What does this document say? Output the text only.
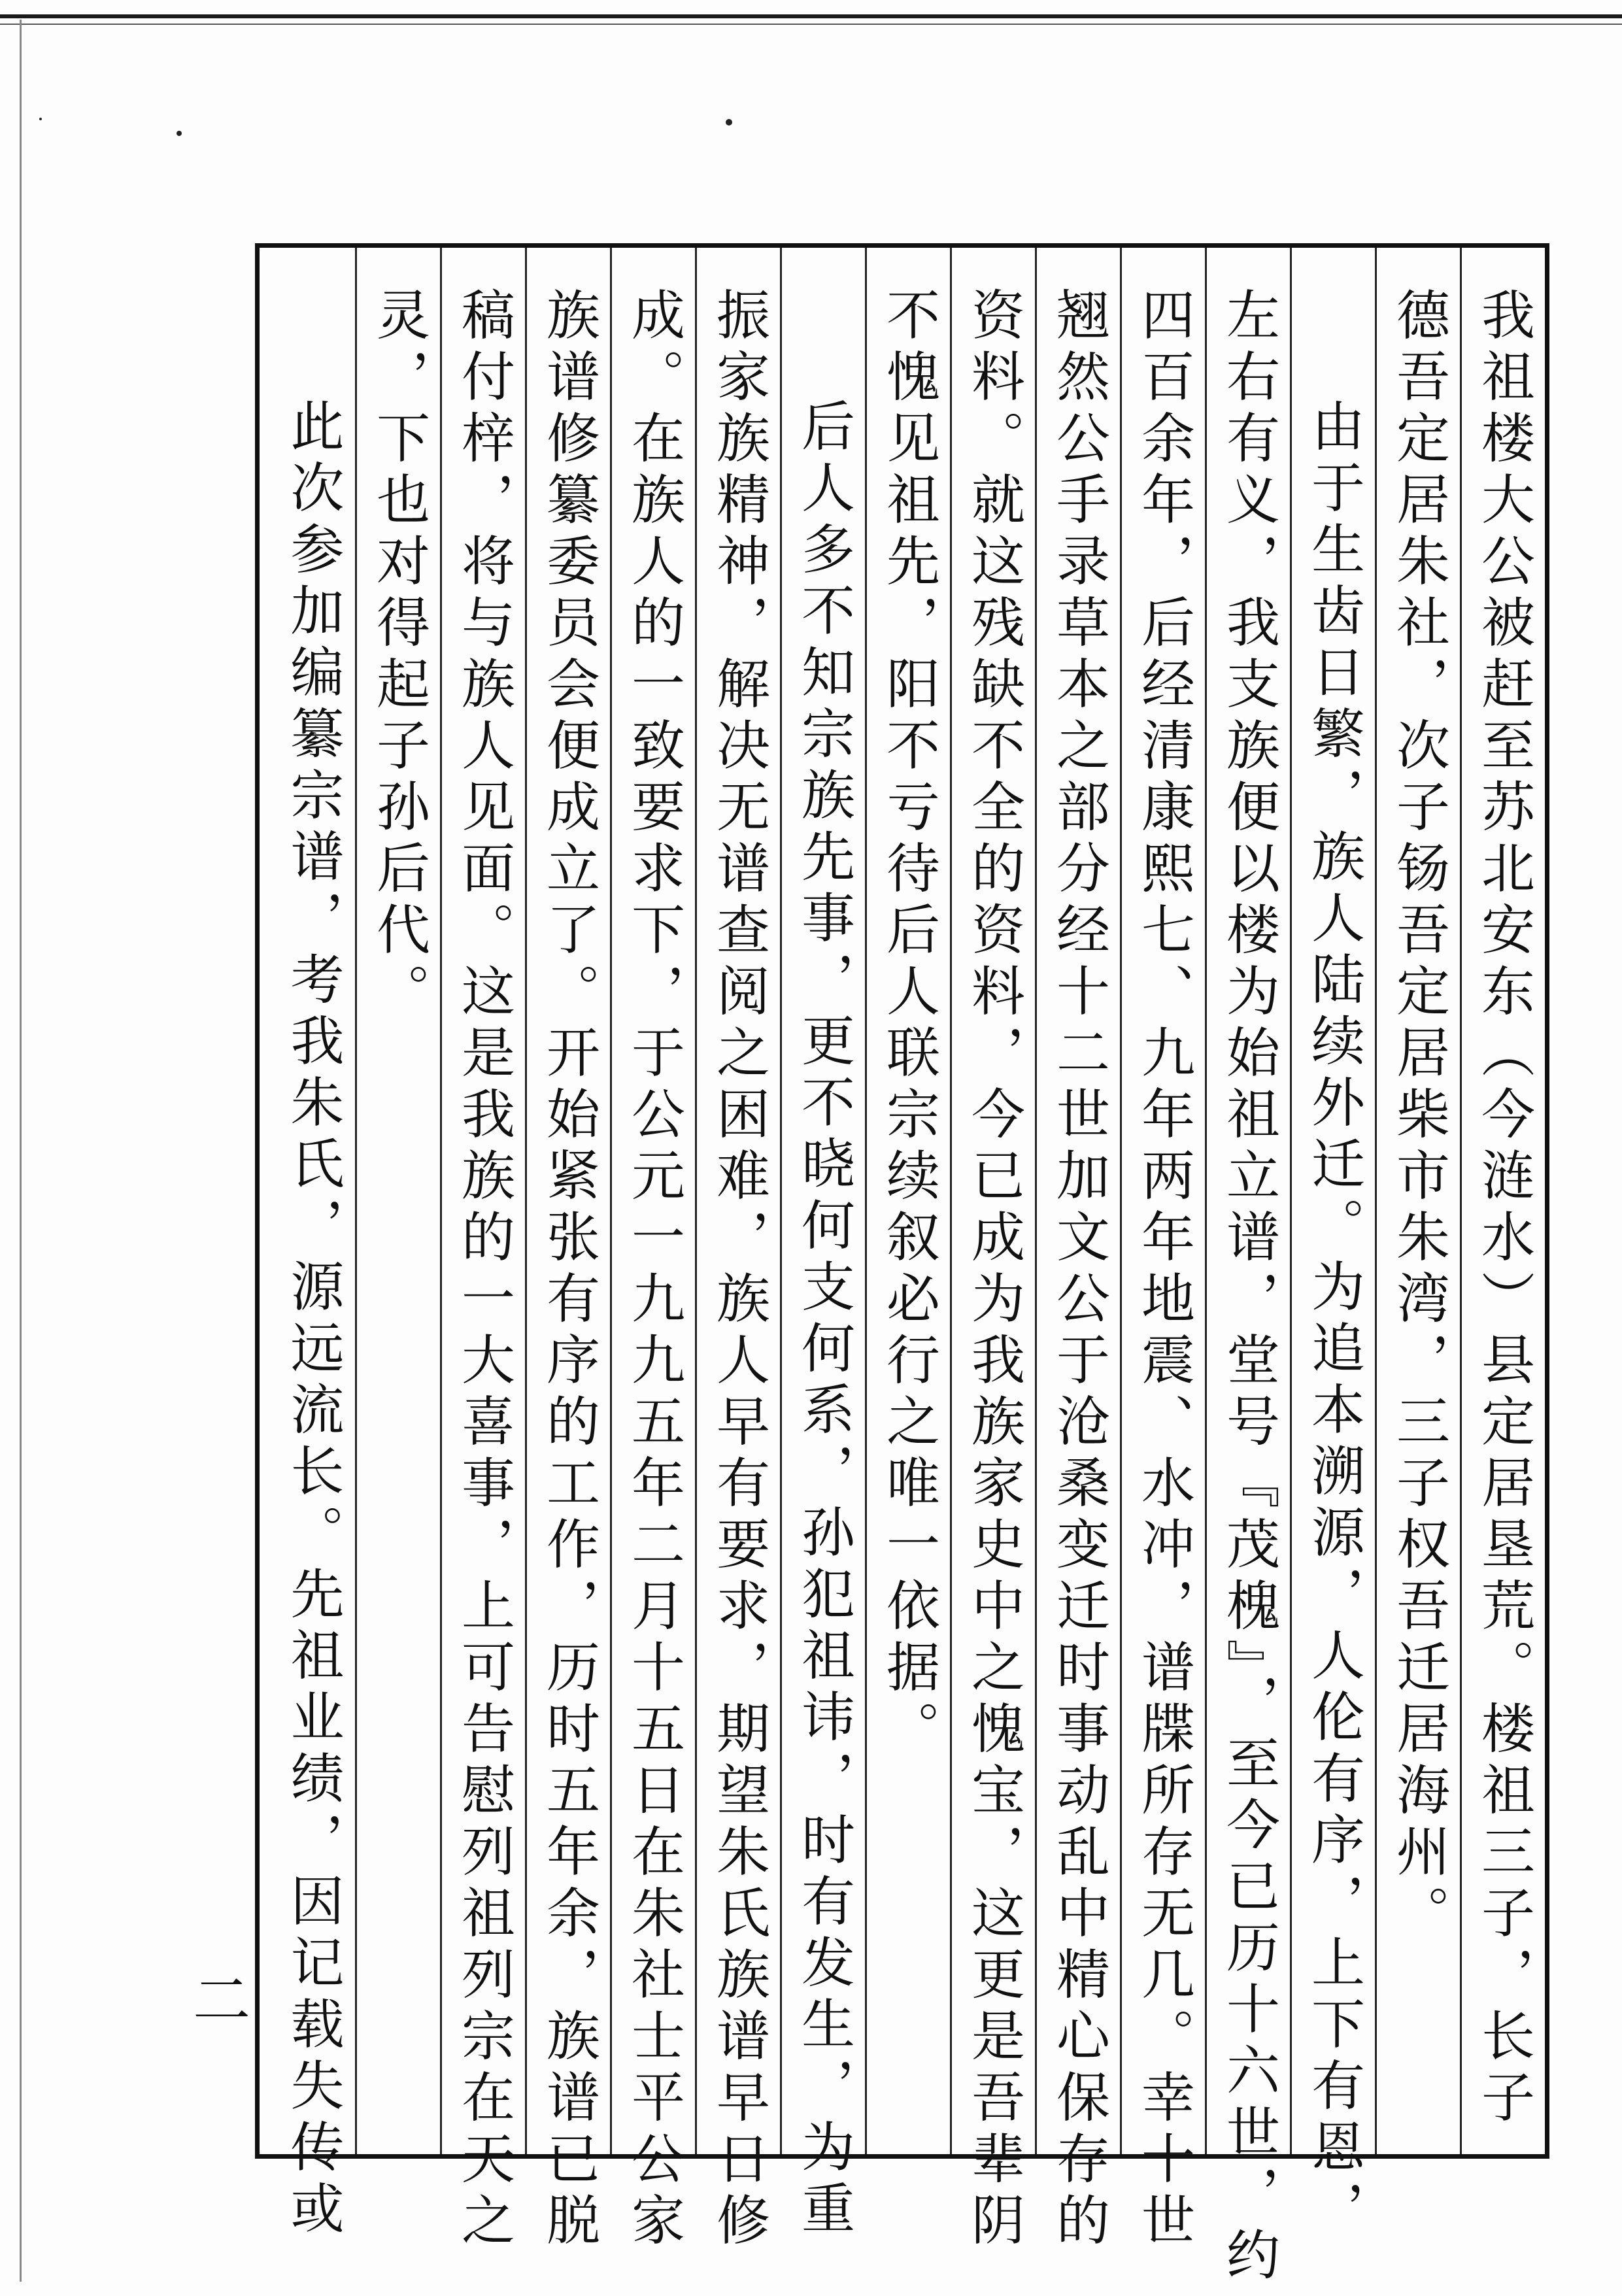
我祖楼大公被赶至苏北安东（今涟水）县定居垦荒。楼祖三子，长子
德吾定居朱社，次子钖吾定居柴市朱湾，三子权吾迁居海州。
由于生齿日繁，族人陆续外迁。为追本溯源，人伦有序，上下有恩，
左右有义，我支族便以楼为始祖立谱，堂号『茂槐』，至今已历十六世，约
四百余年，后经清康熙七、九年两年地震、水冲，谱牒所存无几。幸十世
翘然公手录草本之部分经十二世加文公于沧桑变迁时事动乱中精心保存的
资料。就这残缺不全的资料，今已成为我族家史中之愧宝，这更是吾辈阴
不愧见祖先，阳不亏待后人联宗续叙必行之唯一依据。
后人多不知宗族先事，更不晓何支何系，孙犯祖讳，时有发生，为重
振家族精神，解决无谱查阅之困难，族人早有要求，期望朱氏族谱早日修
成。在族人的一致要求下，于公元一九九五年二月十五日在朱社士平公家
族谱修纂委员会便成立了。开始紧张有序的工作，历时五年余，族谱已脱
稿付梓，将与族人见面。这是我族的一大喜事，上可告慰列祖列宗在天之
灵，下也对得起子孙后代。
此次参加编纂宗谱，考我朱氏，源远流长。先祖业绩，因记载失传或
二
